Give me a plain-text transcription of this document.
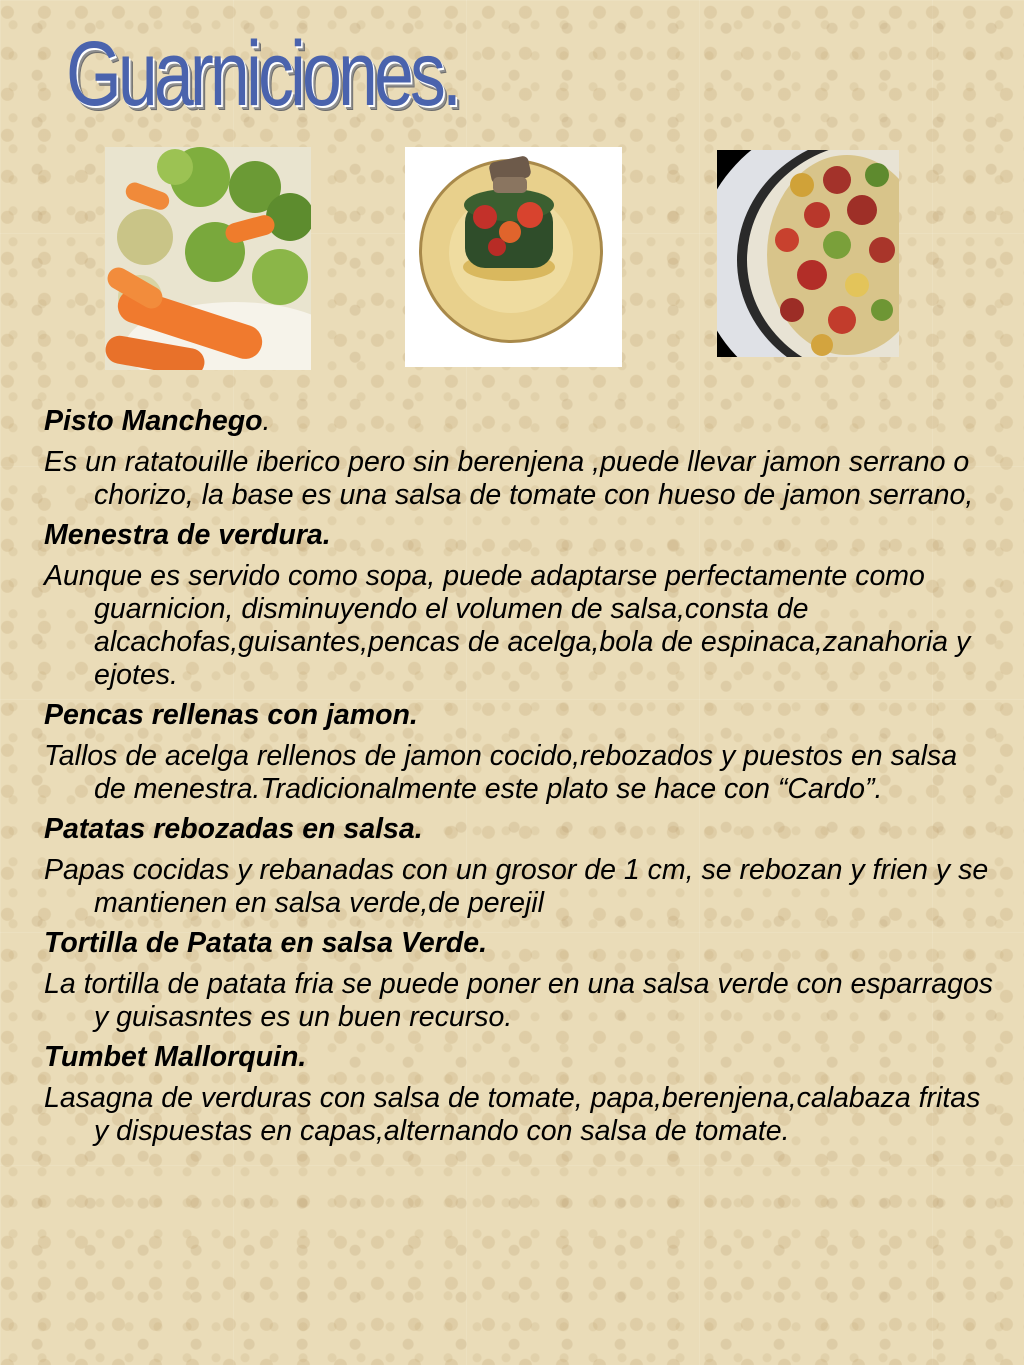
Guarniciones.
Pisto Manchego.
Es un ratatouille iberico pero sin berenjena ,puede llevar jamon serrano o chorizo, la base es una salsa de tomate con hueso de jamon serrano,
Menestra de verdura.
Aunque es servido como sopa, puede adaptarse perfectamente como guarnicion, disminuyendo el volumen de salsa,consta de alcachofas,guisantes,pencas de acelga,bola de espinaca,zanahoria y ejotes.
Pencas rellenas con jamon.
Tallos de acelga rellenos de jamon cocido,rebozados y puestos en salsa de menestra.Tradicionalmente este plato se hace con “Cardo”.
Patatas rebozadas en salsa.
Papas cocidas y rebanadas con un grosor de 1 cm, se rebozan y frien y se mantienen en salsa verde,de perejil
Tortilla de Patata en salsa Verde.
La tortilla de patata fria se puede poner en una salsa verde con esparragos y guisasntes es un buen recurso.
Tumbet Mallorquin.
Lasagna de verduras con salsa de tomate, papa,berenjena,calabaza fritas y dispuestas en capas,alternando con salsa de tomate.
